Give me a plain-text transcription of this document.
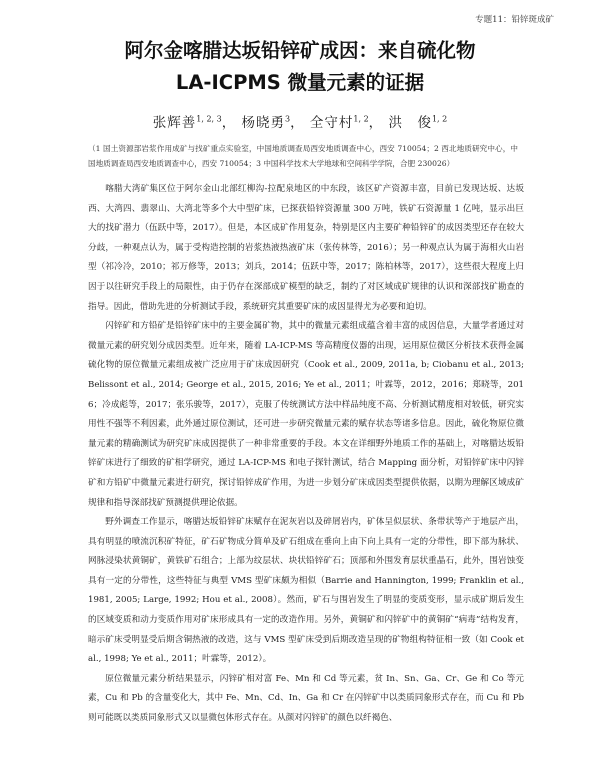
专题11：铅锌斑成矿
阿尔金喀腊达坂铅锌矿成因：来自硫化物
LA-ICPMS 微量元素的证据
张辉善$^{1, 2, 3}$， 杨晓勇$^3$， 全守村$^{1, 2}$， 洪　俊$^{1, 2}$

（1 国土资源部岩浆作用成矿与找矿重点实验室，中国地质调查局西安地质调查中心，西安 710054；2 西北地质研究中心，中国地质调查局西安地质调查中心，西安 710054；3 中国科学技术大学地球和空间科学学院，合肥 230026）

喀腊大湾矿集区位于阿尔金山北部红柳沟-拉配泉地区的中东段，该区矿产资源丰富，目前已发现达坂、达坂西、大湾四、翡翠山、大湾北等多个大中型矿床，已探获铅锌资源量 300 万吨，铁矿石资源量 1 亿吨，显示出巨大的找矿潜力（伍跃中等，2017）。但是，本区成矿作用复杂，特别是区内主要矿种铅锌矿的成因类型还存在较大分歧，一种观点认为，属于受构造控制的岩浆热液热液矿床（张传林等，2016）；另一种观点认为属于海相火山岩型（祁冷冷，2010；祁万修等，2013；刘兵，2014；伍跃中等，2017；陈柏林等，2017），这些很大程度上归因于以往研究手段上的局限性，由于仍存在深部成矿模型的缺乏，制约了对区域成矿规律的认识和深部找矿勘查的指导。因此，借助先进的分析测试手段，系统研究其重要矿床的成因显得尤为必要和迫切。

闪锌矿和方铅矿是铅锌矿床中的主要金属矿物，其中的微量元素组成蕴含着丰富的成因信息，大量学者通过对微量元素的研究划分成因类型。近年来，随着 LA-ICP-MS 等高精度仪器的出现，运用原位微区分析技术获得金属硫化物的原位微量元素组成被广泛应用于矿床成因研究（Cook et al., 2009, 2011a, b; Ciobanu et al., 2013; Belissont et al., 2014; George et al., 2015, 2016; Ye et al., 2011；叶霖等，2012，2016；郑晓等，2016；冷成彪等，2017；张乐骏等，2017），克服了传统测试方法中样品纯度不高、分析测试精度相对较低，研究实用性不强等不利因素，此外通过原位测试，还可进一步研究微量元素的赋存状态等诸多信息。因此，硫化物原位微量元素的精确测试为研究矿床成因提供了一种非常重要的手段。本文在详细野外地质工作的基础上，对喀腊达坂铅锌矿床进行了细致的矿相学研究，通过 LA-ICP-MS 和电子探针测试，结合 Mapping 面分析，对铅锌矿床中闪锌矿和方铅矿中微量元素进行研究，探讨铅锌成矿作用，为进一步划分矿床成因类型提供依据，以期为理解区域成矿规律和指导深部找矿预测提供理论依据。

野外调查工作显示，喀腊达坂铅锌矿床赋存在泥灰岩以及碎屑岩内，矿体呈似层状、条带状等产于地层产出，具有明显的喷流沉积矿特征，矿石矿物成分简单及矿石组成在垂向上由下向上具有一定的分带性，即下部为脉状、网脉浸染状黄铜矿，黄铁矿石组合；上部为纹层状、块状铅锌矿石；顶部和外围发育层状重晶石，此外，围岩蚀变具有一定的分带性，这些特征与典型 VMS 型矿床颇为相似（Barrie and Hannington, 1999; Franklin et al., 1981, 2005; Large, 1992; Hou et al., 2008）。然而，矿石与围岩发生了明显的变质变形，显示成矿期后发生的区域变质和动力变质作用对矿床形成具有一定的改造作用。另外，黄铜矿和闪锌矿中的黄铜矿“病毒”结构发育，暗示矿床受明显受后期含铜热液的改造，这与 VMS 型矿床受到后期改造呈现的矿物组构特征相一致（如 Cook et al., 1998; Ye et al., 2011；叶霖等，2012）。

原位微量元素分析结果显示，闪锌矿相对富 Fe、Mn 和 Cd 等元素，贫 In、Sn、Ga、Cr、Ge 和 Co 等元素，Cu 和 Pb 的含量变化大，其中 Fe、Mn、Cd、In、Ga 和 Cr 在闪锌矿中以类质同象形式存在，而 Cu 和 Pb 则可能既以类质同象形式又以显微包体形式存在。从颜对闪锌矿的颜色以纤褐色、
